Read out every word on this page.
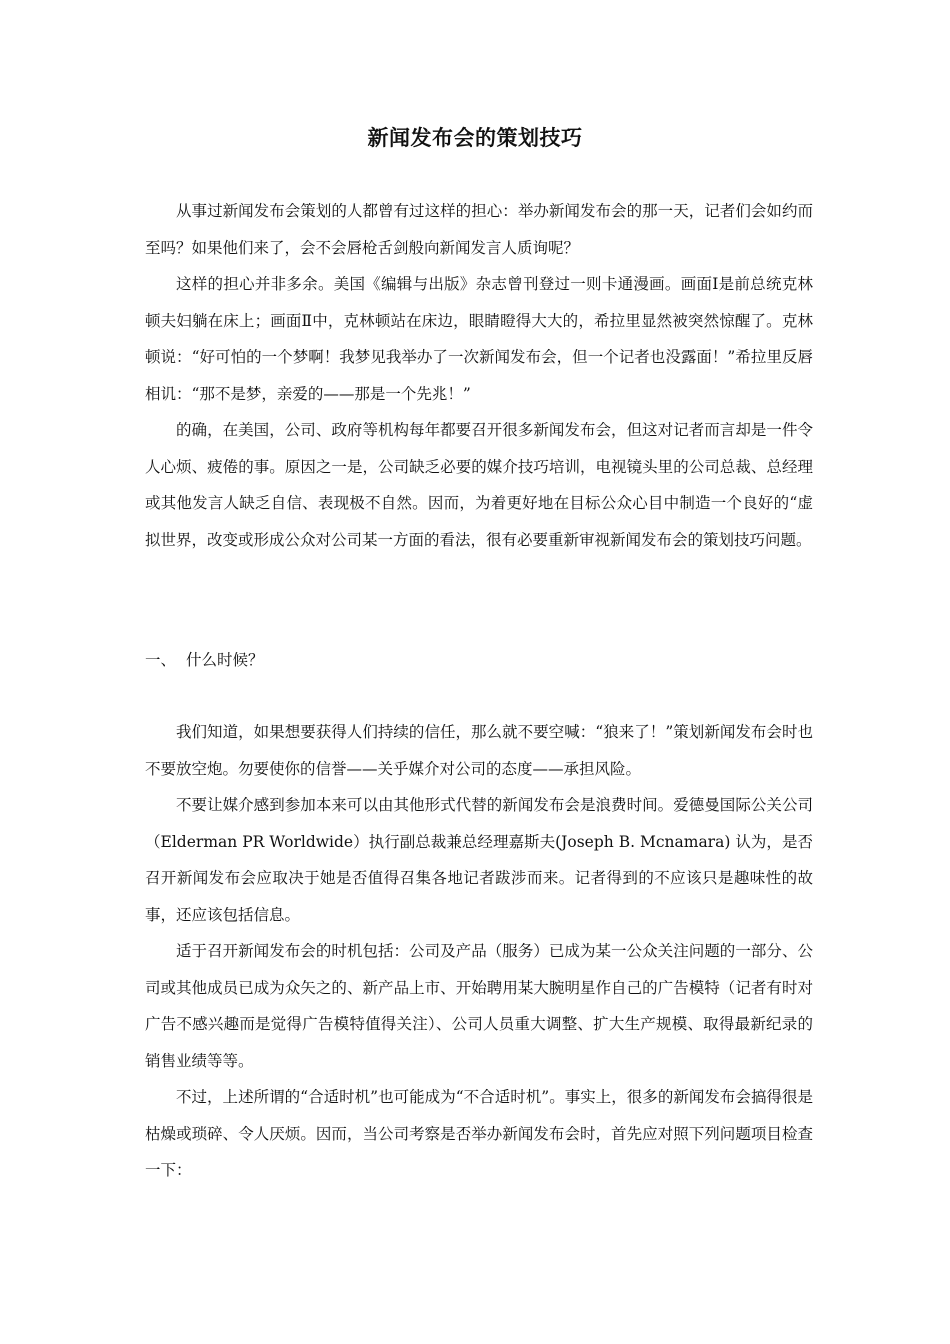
新闻发布会的策划技巧

从事过新闻发布会策划的人都曾有过这样的担心：举办新闻发布会的那一天，记者们会如约而至吗？如果他们来了，会不会唇枪舌剑般向新闻发言人质询呢？

这样的担心并非多余。美国《编辑与出版》杂志曾刊登过一则卡通漫画。画面Ⅰ是前总统克林顿夫妇躺在床上；画面Ⅱ中，克林顿站在床边，眼睛瞪得大大的，希拉里显然被突然惊醒了。克林顿说：“好可怕的一个梦啊！我梦见我举办了一次新闻发布会，但一个记者也没露面！”希拉里反唇相讥：“那不是梦，亲爱的——那是一个先兆！”

的确，在美国，公司、政府等机构每年都要召开很多新闻发布会，但这对记者而言却是一件令人心烦、疲倦的事。原因之一是，公司缺乏必要的媒介技巧培训，电视镜头里的公司总裁、总经理或其他发言人缺乏自信、表现极不自然。因而，为着更好地在目标公众心目中制造一个良好的“虚拟世界，改变或形成公众对公司某一方面的看法，很有必要重新审视新闻发布会的策划技巧问题。

一、 什么时候？

我们知道，如果想要获得人们持续的信任，那么就不要空喊：“狼来了！”策划新闻发布会时也不要放空炮。勿要使你的信誉——关乎媒介对公司的态度——承担风险。

不要让媒介感到参加本来可以由其他形式代替的新闻发布会是浪费时间。爱德曼国际公关公司（Elderman PR Worldwide）执行副总裁兼总经理嘉斯夫(Joseph B. Mcnamara) 认为，是否召开新闻发布会应取决于她是否值得召集各地记者跋涉而来。记者得到的不应该只是趣味性的故事，还应该包括信息。

适于召开新闻发布会的时机包括：公司及产品（服务）已成为某一公众关注问题的一部分、公司或其他成员已成为众矢之的、新产品上市、开始聘用某大腕明星作自己的广告模特（记者有时对广告不感兴趣而是觉得广告模特值得关注）、公司人员重大调整、扩大生产规模、取得最新纪录的销售业绩等等。

不过，上述所谓的“合适时机”也可能成为“不合适时机”。事实上，很多的新闻发布会搞得很是枯燥或琐碎、令人厌烦。因而，当公司考察是否举办新闻发布会时，首先应对照下列问题项目检查一下：
